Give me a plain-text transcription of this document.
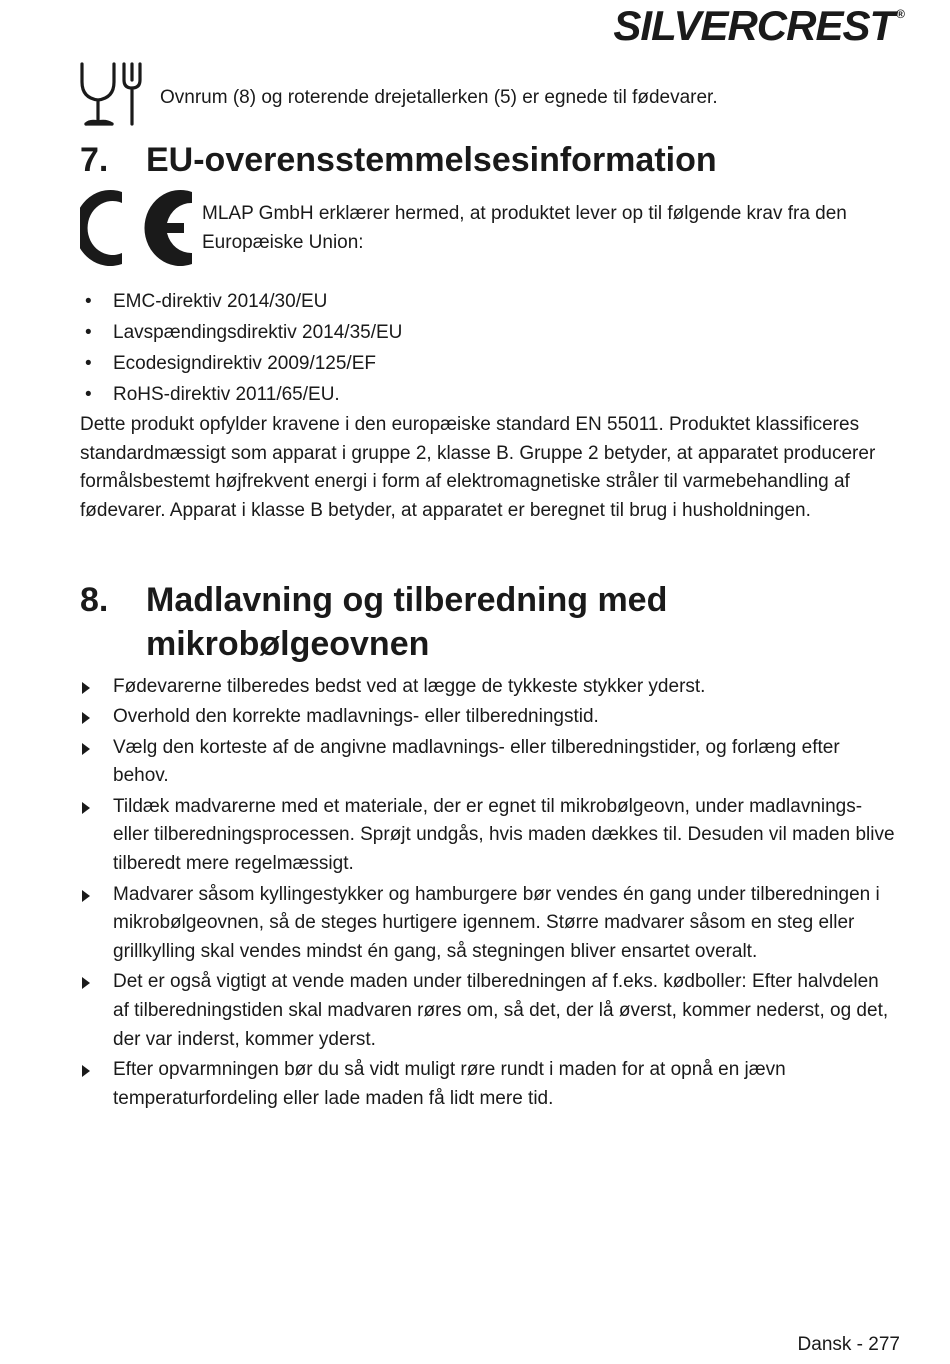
SILVERCREST ®
Ovnrum (8) og roterende drejetallerken (5) er egnede til fødevarer.
7. EU-overensstemmelsesinformation
MLAP GmbH erklærer hermed, at produktet lever op til følgende krav fra den Europæiske Union:
• EMC-direktiv 2014/30/EU
• Lavspændingsdirektiv 2014/35/EU
• Ecodesigndirektiv 2009/125/EF
• RoHS-direktiv 2011/65/EU.

Dette produkt opfylder kravene i den europæiske standard EN 55011. Produktet klassificeres standardmæssigt som apparat i gruppe 2, klasse B. Gruppe 2 betyder, at apparatet producerer formålsbestemt højfrekvent energi i form af elektromagnetiske stråler til varmebehandling af fødevarer. Apparat i klasse B betyder, at apparatet er beregnet til brug i husholdningen.

8. Madlavning og tilberedning med
mikrobølgeovnen
Fødevarerne tilberedes bedst ved at lægge de tykkeste stykker yderst.
Overhold den korrekte madlavnings- eller tilberedningstid.
Vælg den korteste af de angivne madlavnings- eller tilberedningstider, og forlæng efter behov.
Tildæk madvarerne med et materiale, der er egnet til mikrobølgeovn, under madlavnings- eller tilberedningsprocessen. Sprøjt undgås, hvis maden dækkes til. Desuden vil maden blive tilberedt mere regelmæssigt.
Madvarer såsom kyllingestykker og hamburgere bør vendes én gang under tilberedningen i mikrobølgeovnen, så de steges hurtigere igennem. Større madvarer såsom en steg eller grillkylling skal vendes mindst én gang, så stegningen bliver ensartet overalt.
Det er også vigtigt at vende maden under tilberedningen af f.eks. kødboller: Efter halvdelen af tilberedningstiden skal madvaren røres om, så det, der lå øverst, kommer nederst, og det, der var inderst, kommer yderst.
Efter opvarmningen bør du så vidt muligt røre rundt i maden for at opnå en jævn temperaturfordeling eller lade maden få lidt mere tid.
Dansk - 277
